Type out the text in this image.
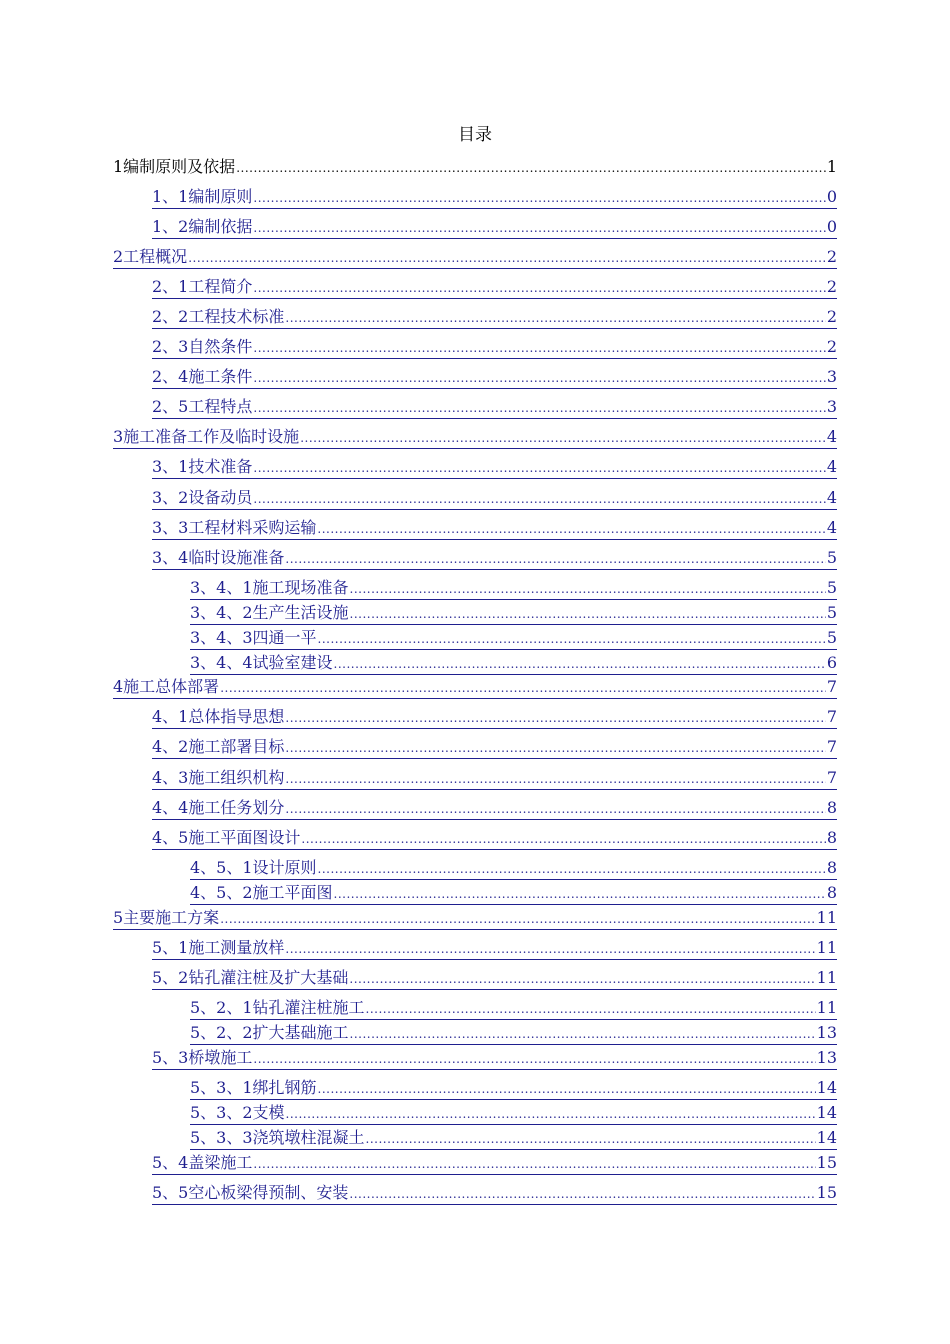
目录
1编制原则及依据 .....	1
1、1编制原则 .....	0
1、2编制依据 .....	0
2工程概况 .....	2
2、1工程简介 .....	2
2、2工程技术标准 .....	2
2、3自然条件 .....	2
2、4施工条件 .....	3
2、5工程特点 .....	3
3施工准备工作及临时设施 .....	4
3、1技术准备 .....	4
3、2设备动员 .....	4
3、3工程材料采购运输 .....	4
3、4临时设施准备 .....	5
3、4、1施工现场准备 .....	5
3、4、2生产生活设施 .....	5
3、4、3四通一平 .....	5
3、4、4试验室建设 .....	6
4施工总体部署 .....	7
4、1总体指导思想 .....	7
4、2施工部署目标 .....	7
4、3施工组织机构 .....	7
4、4施工任务划分 .....	8
4、5施工平面图设计 .....	8
4、5、1设计原则 .....	8
4、5、2施工平面图 .....	8
5主要施工方案 .....	11
5、1施工测量放样 .....	11
5、2钻孔灌注桩及扩大基础 .....	11
5、2、1钻孔灌注桩施工 .....	11
5、2、2扩大基础施工 .....	13
5、3桥墩施工 .....	13
5、3、1绑扎钢筋 .....	14
5、3、2支模 .....	14
5、3、3浇筑墩柱混凝土 .....	14
5、4盖梁施工 .....	15
5、5空心板梁得预制、安装 .....	15
